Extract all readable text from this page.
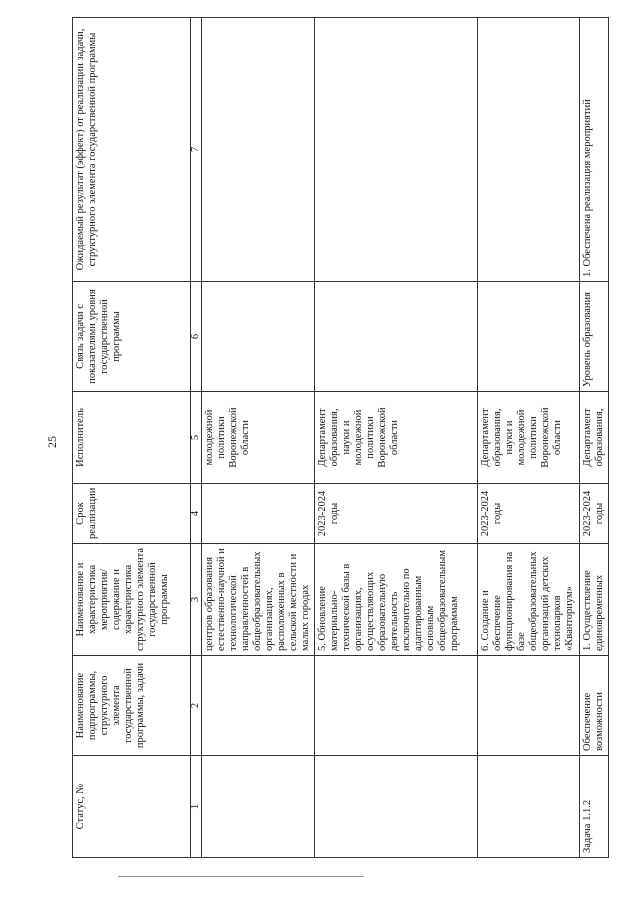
25
Статус, №	Наименование подпрограммы, структурного элемента государственной программы, задачи	Наименование и характеристика мероприятия/содержание и характеристика структурного элемента государственной программы	Срок реализации	Исполнитель	Связь задачи с показателями уровня государственной программы	Ожидаемый результат (эффект) от реализации задачи, структурного элемента государственной программы
1	2	3	4	5	6	7
		центров образования естественно-научной и технологической направленностей в общеобразовательных организациях, расположенных в сельской местности и малых городах		молодежной политики Воронежской области		
		5. Обновление материально-технической базы в организациях, осуществляющих образовательную деятельность исключительно по адаптированным основным общеобразовательным программам	2023-2024 годы	Департамент образования, науки и молодежной политики Воронежской области		
		6. Создание и обеспечение функционирования на базе общеобразовательных организаций детских технопарков «Кванториум»	2023-2024 годы	Департамент образования, науки и молодежной политики Воронежской области		
Задача 1.1.2	Обеспечение возможности	1. Осуществление единовременных	2023-2024 годы	Департамент образования,	Уровень образования	1. Обеспечена реализация мероприятий
